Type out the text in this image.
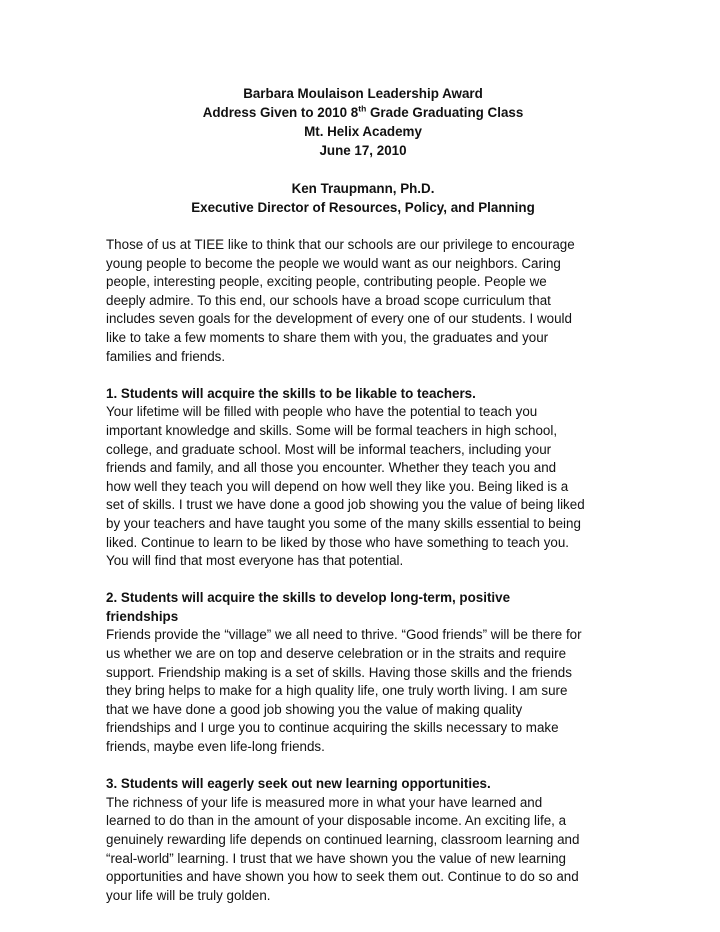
Barbara Moulaison Leadership Award
Address Given to 2010 8th Grade Graduating Class
Mt. Helix Academy
June 17, 2010
Ken Traupmann, Ph.D.
Executive Director of Resources, Policy, and Planning
Those of us at TIEE like to think that our schools are our privilege to encourage
young people to become the people we would want as our neighbors. Caring
people, interesting people, exciting people, contributing people. People we
deeply admire. To this end, our schools have a broad scope curriculum that
includes seven goals for the development of every one of our students. I would
like to take a few moments to share them with you, the graduates and your
families and friends.
1. Students will acquire the skills to be likable to teachers.
Your lifetime will be filled with people who have the potential to teach you
important knowledge and skills. Some will be formal teachers in high school,
college, and graduate school. Most will be informal teachers, including your
friends and family, and all those you encounter. Whether they teach you and
how well they teach you will depend on how well they like you. Being liked is a
set of skills. I trust we have done a good job showing you the value of being liked
by your teachers and have taught you some of the many skills essential to being
liked. Continue to learn to be liked by those who have something to teach you.
You will find that most everyone has that potential.
2. Students will acquire the skills to develop long-term, positive
friendships
Friends provide the “village” we all need to thrive. “Good friends” will be there for
us whether we are on top and deserve celebration or in the straits and require
support. Friendship making is a set of skills. Having those skills and the friends
they bring helps to make for a high quality life, one truly worth living. I am sure
that we have done a good job showing you the value of making quality
friendships and I urge you to continue acquiring the skills necessary to make
friends, maybe even life-long friends.
3. Students will eagerly seek out new learning opportunities.
The richness of your life is measured more in what your have learned and
learned to do than in the amount of your disposable income. An exciting life, a
genuinely rewarding life depends on continued learning, classroom learning and
“real-world” learning. I trust that we have shown you the value of new learning
opportunities and have shown you how to seek them out. Continue to do so and
your life will be truly golden.
